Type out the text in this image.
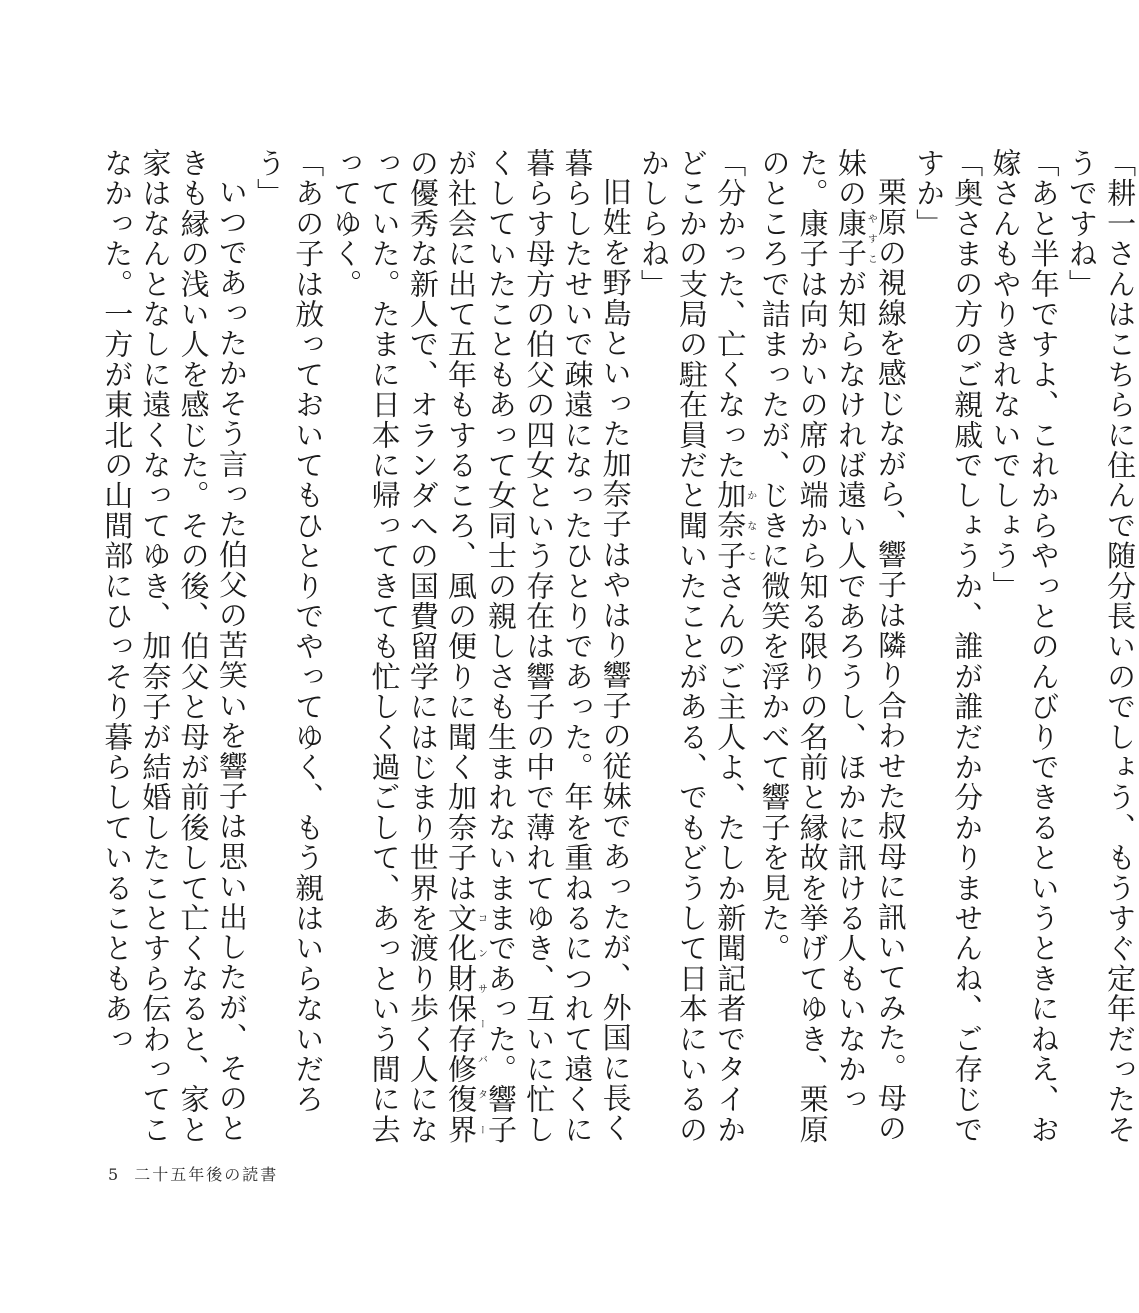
「耕一さんはこちらに住んで随分長いのでしょう、もうすぐ定年だったそうですね」

「あと半年ですよ、これからやっとのんびりできるというときにねえ、お嫁さんもやりきれないでしょう」

「奥さまの方のご親戚でしょうか、誰が誰だか分かりませんね、ご存じですか」

栗原の視線を感じながら、響子は隣り合わせた叔母に訊いてみた。母の妹の康子やすこが知らなければ遠い人であろうし、ほかに訊ける人もいなかった。康子は向かいの席の端から知る限りの名前と縁故を挙げてゆき、栗原のところで詰まったが、じきに微笑を浮かべて響子を見た。

「分かった、亡くなった加奈子かなこさんのご主人よ、たしか新聞記者でタイかどこかの支局の駐在員だと聞いたことがある、でもどうして日本にいるのかしらね」

旧姓を野島といった加奈子はやはり響子の従妹であったが、外国に長く暮らしたせいで疎遠になったひとりであった。年を重ねるにつれて遠くに暮らす母方の伯父の四女という存在は響子の中で薄れてゆき、互いに忙しくしていたこともあって女同士の親しさも生まれないままであった。響子が社会に出て五年もするころ、風の便りに聞く加奈子は文化財保存修復界コンサーバターの優秀な新人で、オランダへの国費留学にはじまり世界を渡り歩く人になっていた。たまに日本に帰ってきても忙しく過ごして、あっという間に去ってゆく。

「あの子は放っておいてもひとりでやってゆく、もう親はいらないだろう」

いつであったかそう言った伯父の苦笑いを響子は思い出したが、そのときも縁の浅い人を感じた。その後、伯父と母が前後して亡くなると、家と家はなんとなしに遠くなってゆき、加奈子が結婚したことすら伝わってこなかった。一方が東北の山間部にひっそり暮らしていることもあっ

5 二十五年後の読書
